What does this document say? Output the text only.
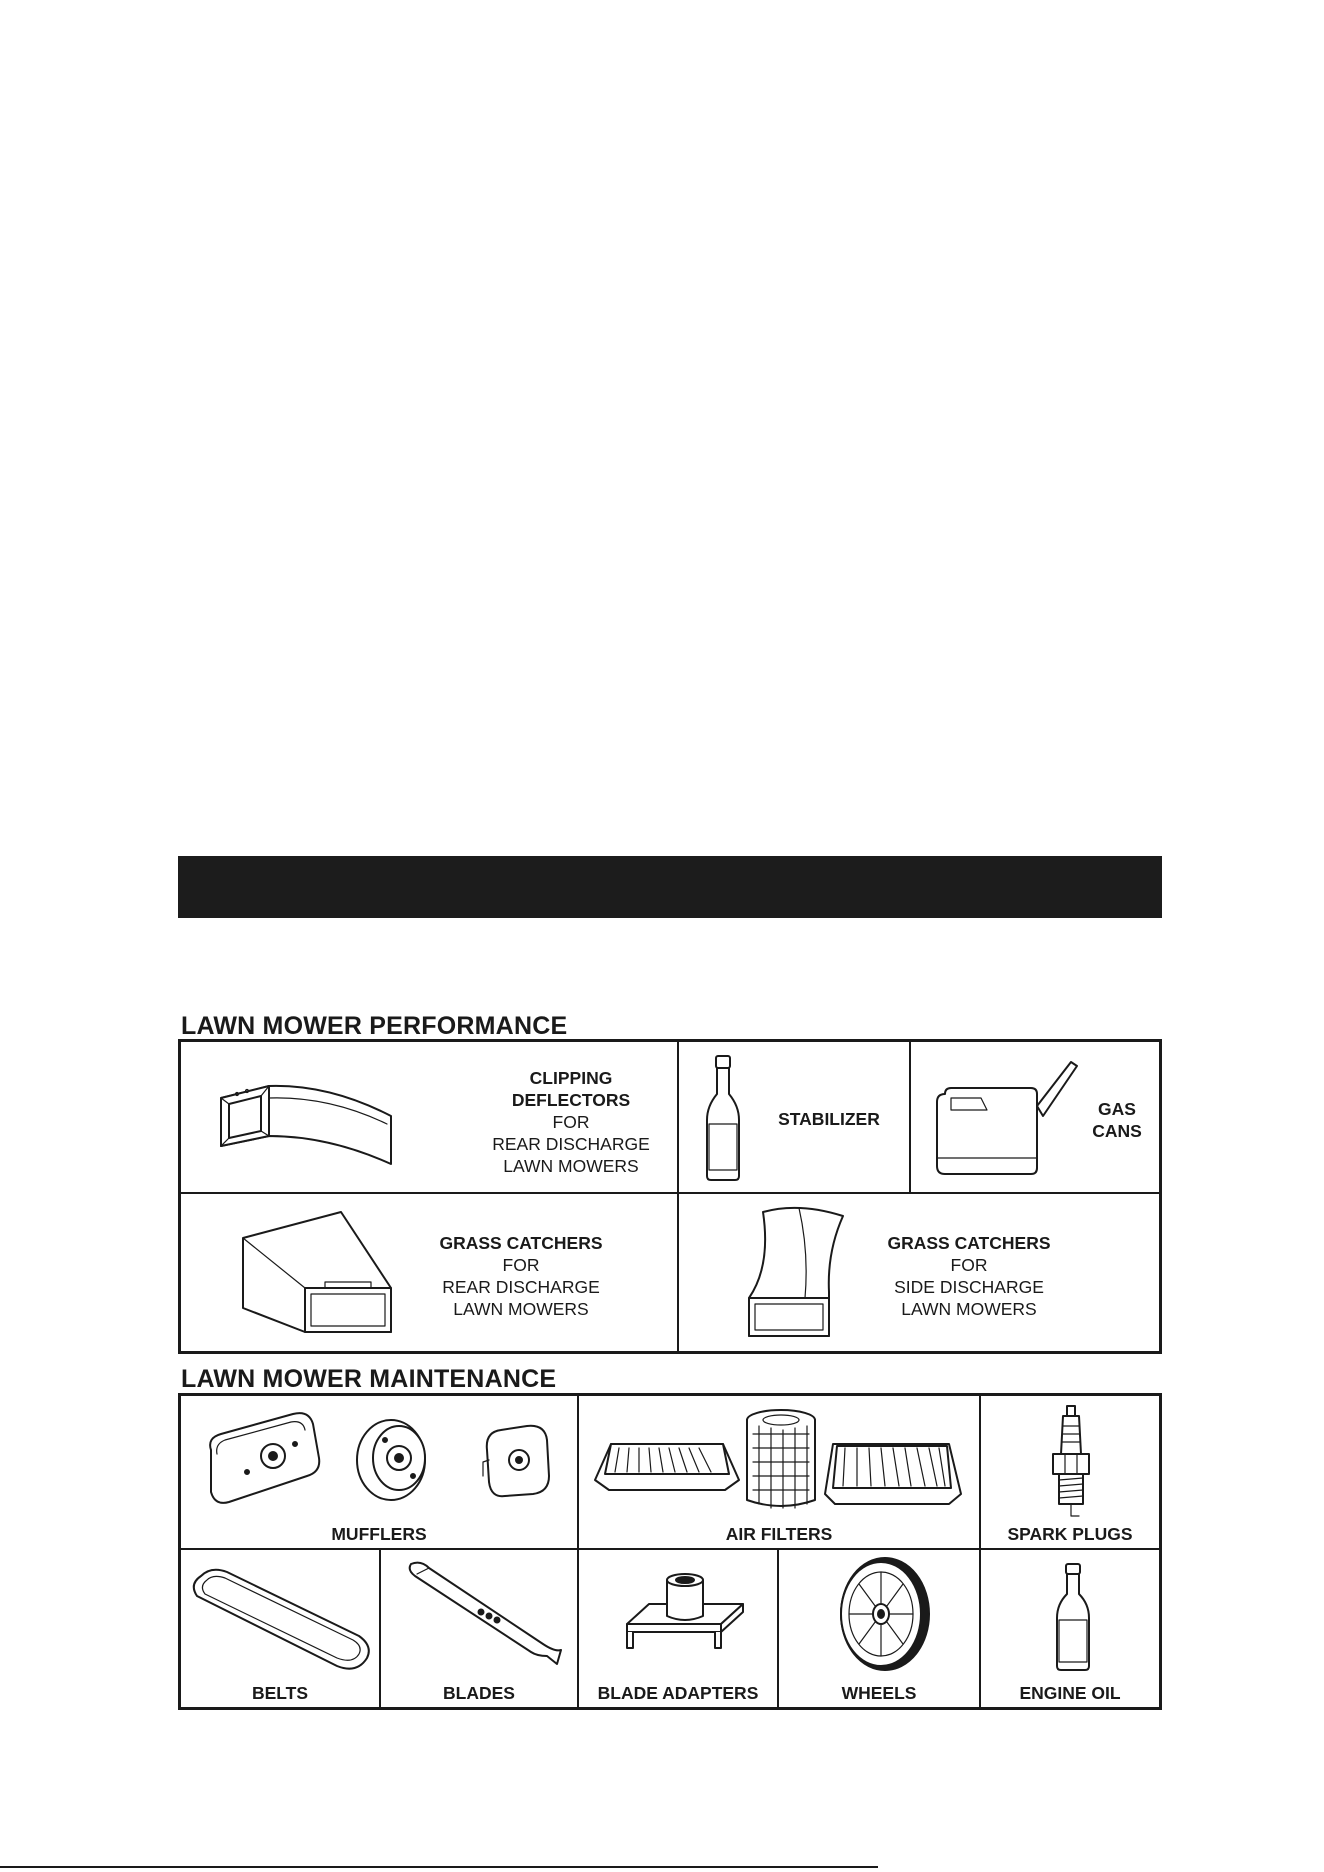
LAWN MOWER PERFORMANCE
CLIPPING
DEFLECTORS
FOR
REAR DISCHARGE
LAWN MOWERS
STABILIZER	GAS
CANS
GRASS CATCHERS
FOR
REAR DISCHARGE
LAWN MOWERS
GRASS CATCHERS
FOR
SIDE DISCHARGE
LAWN MOWERS
LAWN MOWER MAINTENANCE
MUFFLERS	AIR FILTERS	SPARK PLUGS
BELTS	BLADES	BLADE ADAPTERS	WHEELS	ENGINE OIL
